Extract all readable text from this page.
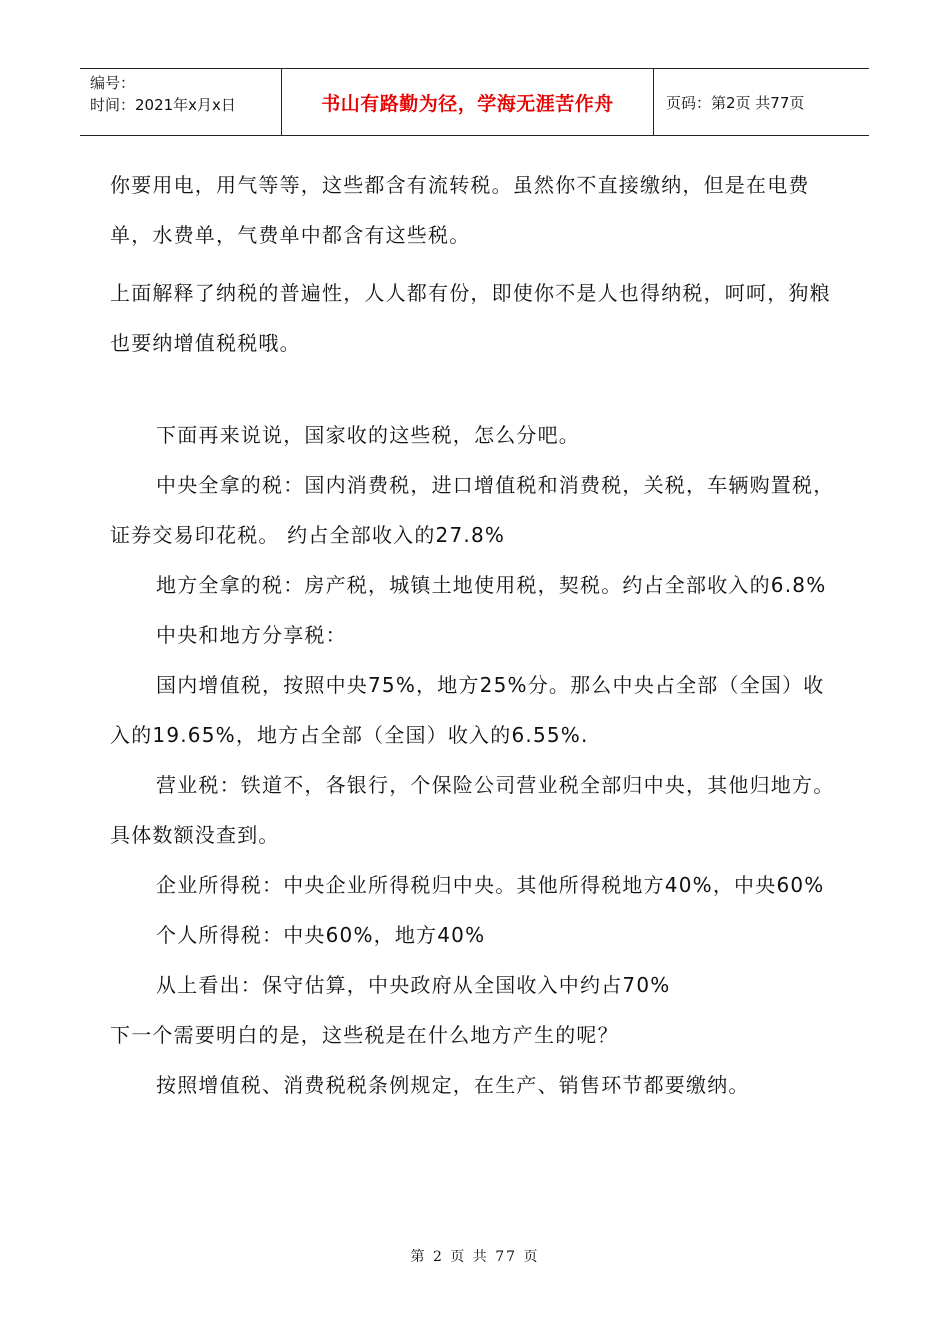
编号：
时间：2021年x月x日	书山有路勤为径，学海无涯苦作舟	页码：第2页 共77页

你要用电，用气等等，这些都含有流转税。虽然你不直接缴纳，但是在电费单，水费单，气费单中都含有这些税。

上面解释了纳税的普遍性，人人都有份，即使你不是人也得纳税，呵呵，狗粮也要纳增值税税哦。

下面再来说说，国家收的这些税，怎么分吧。

中央全拿的税：国内消费税，进口增值税和消费税，关税，车辆购置税，证券交易印花税。 约占全部收入的27.8%

地方全拿的税：房产税，城镇土地使用税，契税。约占全部收入的6.8%

中央和地方分享税：

国内增值税，按照中央75%，地方25%分。那么中央占全部（全国）收入的19.65%，地方占全部（全国）收入的6.55%.

营业税：铁道不，各银行，个保险公司营业税全部归中央，其他归地方。具体数额没查到。

企业所得税：中央企业所得税归中央。其他所得税地方40%，中央60%

个人所得税：中央60%，地方40%

从上看出：保守估算，中央政府从全国收入中约占70%

下一个需要明白的是，这些税是在什么地方产生的呢？

按照增值税、消费税税条例规定，在生产、销售环节都要缴纳。

第 2 页 共 77 页
